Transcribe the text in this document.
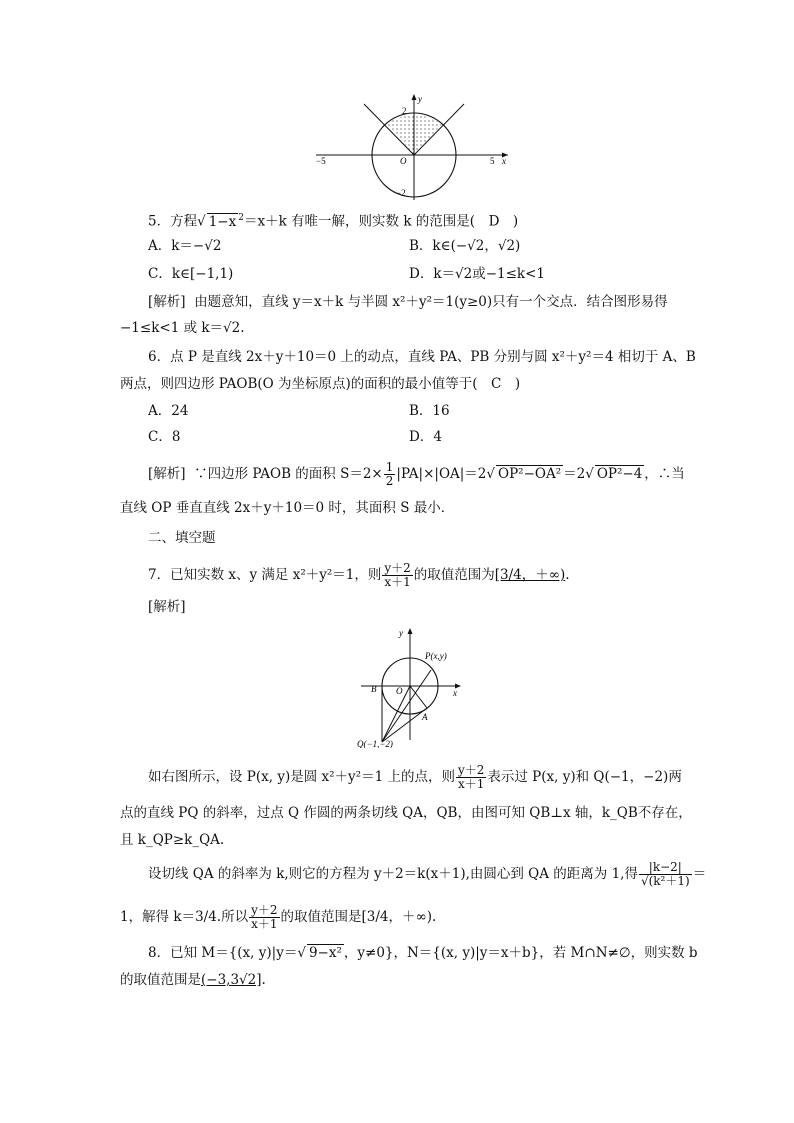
y
x
2
−2
−5	5
O
5．方程√ 1−x $^2$＝x＋k 有唯一解，则实数 k 的范围是(　D　)
A．k＝−√2	B．k∈(−√2，√2)
C．k∈[−1,1)	D．k＝√2或−1≤k<1
[解析] 由题意知，直线 y＝x＋k 与半圆 x²＋y²＝1(y≥0)只有一个交点．结合图形易得
−1≤k<1 或 k＝√2.
6．点 P 是直线 2x＋y＋10＝0 上的动点，直线 PA、PB 分别与圆 x²＋y²＝4 相切于 A、B
两点，则四边形 PAOB(O 为坐标原点)的面积的最小值等于(　C　)
A．24	B．16
C．8	D．4
[解析] ∵四边形 PAOB 的面积 $S=2\times \frac{1}{2} |PA|\times|OA|=2√$ OP²−OA² ＝2√ OP²−4 ，∴当
直线 OP 垂直直线 2x＋y＋10＝0 时，其面积 S 最小．
二、填空题
7．已知实数 x、y 满足 x²＋y²＝1，则 $\frac{y+2}{x+1}$ 的取值范围为[3/4，＋∞).
[解析]
y
x
P(x,y)
B O
A
Q(−1,−2)
如右图所示，设 P(x, y)是圆 x²＋y²＝1 上的点，则 $\frac{y+2}{x+1}$ 表示过 P(x, y)和 Q(−1，−2)两
点的直线 PQ 的斜率，过点 Q 作圆的两条切线 QA，QB，由图可知 QB⊥x 轴，k_QB不存在，
且 k_QP≥k_QA.
设切线 QA 的斜率为 k,则它的方程为 y＋2＝k(x＋1),由圆心到 QA 的距离为 1,得 $\frac{|k-2|}{\text{√(k²＋1)}}$ ＝
1，解得 k＝3/4.所以 $\frac{y+2}{x+1}$ 的取值范围是[3/4，＋∞).
8．已知 M＝{(x, y)|y＝√ 9−x² ，y≠0}，N＝{(x, y)|y＝x＋b}，若 M∩N≠∅，则实数 b
的取值范围是(−3,3√2].
